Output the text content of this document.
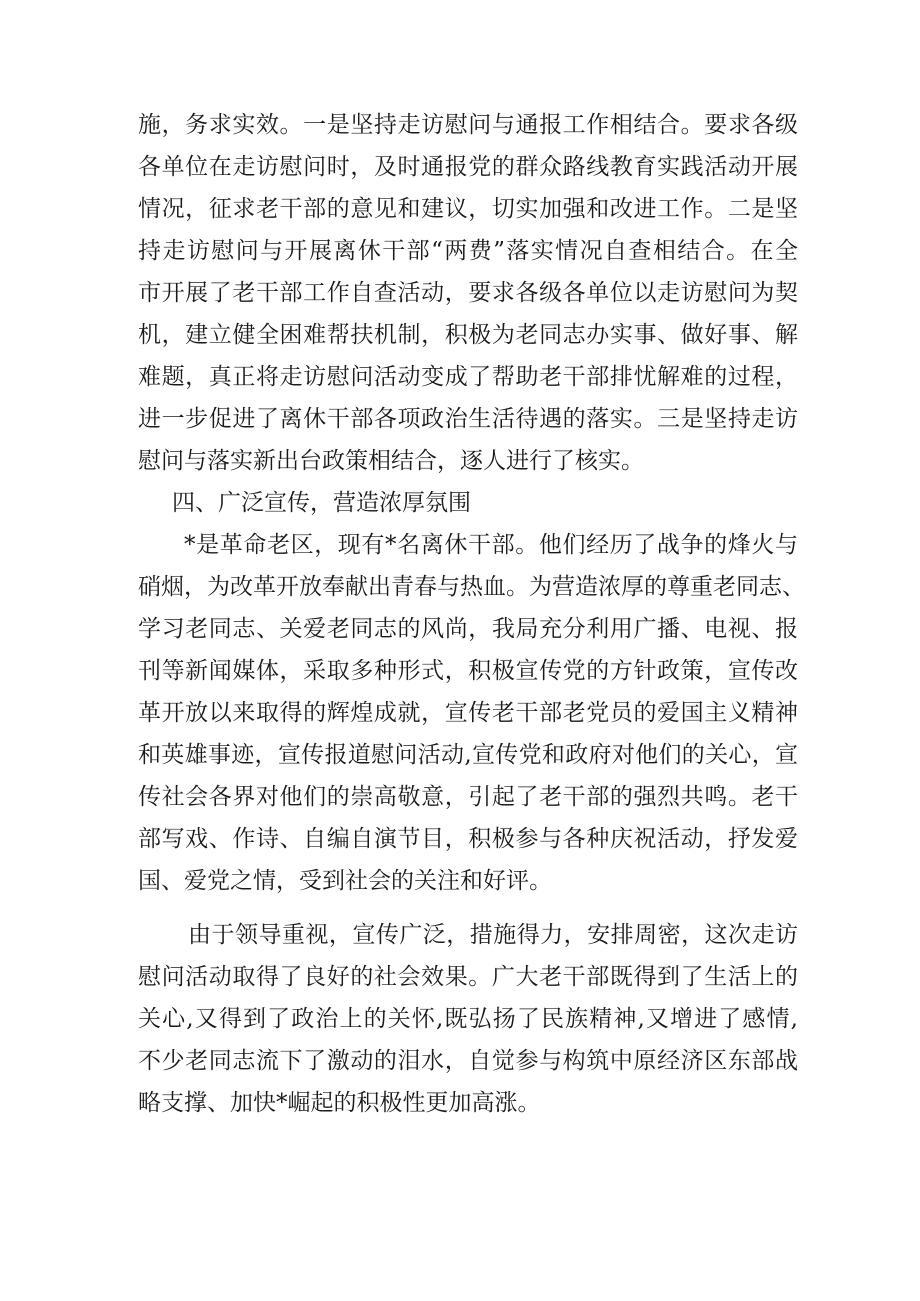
施，务求实效。一是坚持走访慰问与通报工作相结合。要求各级
各单位在走访慰问时，及时通报党的群众路线教育实践活动开展
情况，征求老干部的意见和建议，切实加强和改进工作。二是坚
持走访慰问与开展离休干部“两费”落实情况自查相结合。在全
市开展了老干部工作自查活动，要求各级各单位以走访慰问为契
机，建立健全困难帮扶机制，积极为老同志办实事、做好事、解
难题，真正将走访慰问活动变成了帮助老干部排忧解难的过程，
进一步促进了离休干部各项政治生活待遇的落实。三是坚持走访
慰问与落实新出台政策相结合，逐人进行了核实。
四、广泛宣传，营造浓厚氛围
*是革命老区，现有*名离休干部。他们经历了战争的烽火与
硝烟，为改革开放奉献出青春与热血。为营造浓厚的尊重老同志、
学习老同志、关爱老同志的风尚，我局充分利用广播、电视、报
刊等新闻媒体，采取多种形式，积极宣传党的方针政策，宣传改
革开放以来取得的辉煌成就，宣传老干部老党员的爱国主义精神
和英雄事迹，宣传报道慰问活动,宣传党和政府对他们的关心，宣
传社会各界对他们的崇高敬意，引起了老干部的强烈共鸣。老干
部写戏、作诗、自编自演节目，积极参与各种庆祝活动，抒发爱
国、爱党之情，受到社会的关注和好评。
由于领导重视，宣传广泛，措施得力，安排周密，这次走访
慰问活动取得了良好的社会效果。广大老干部既得到了生活上的
关心,又得到了政治上的关怀,既弘扬了民族精神,又增进了感情,
不少老同志流下了激动的泪水，自觉参与构筑中原经济区东部战
略支撑、加快*崛起的积极性更加高涨。
